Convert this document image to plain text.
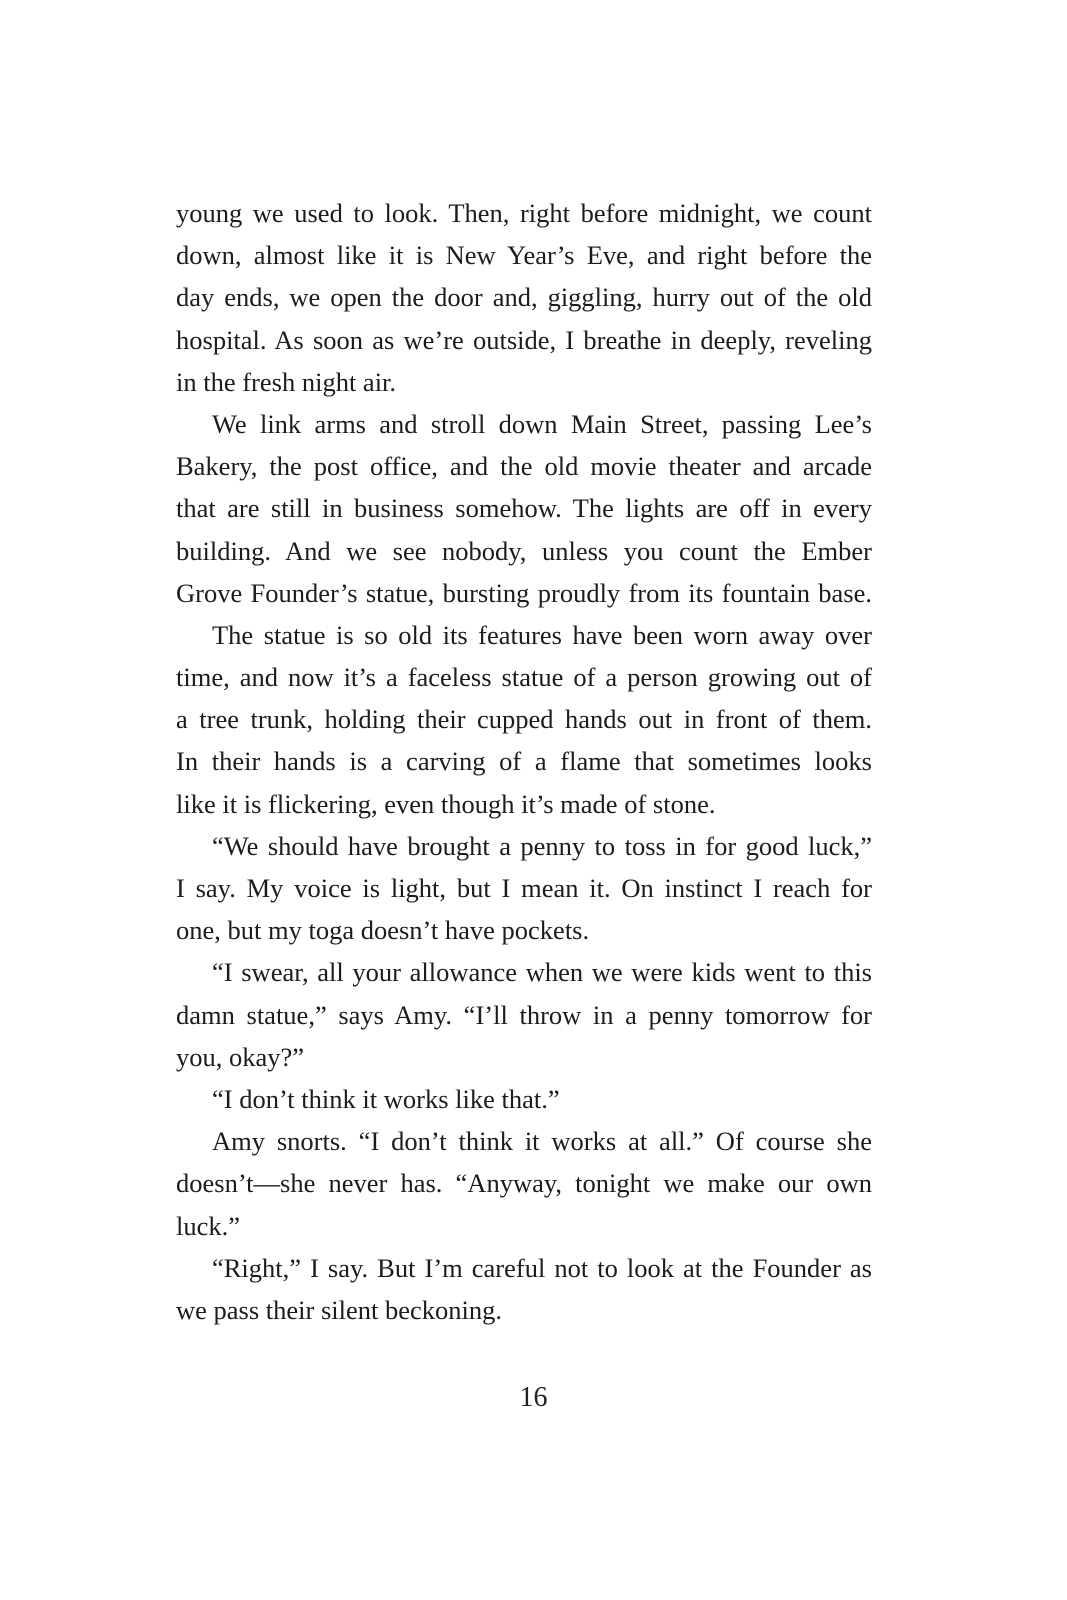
young we used to look. Then, right before midnight, we count
down, almost like it is New Year’s Eve, and right before the
day ends, we open the door and, giggling, hurry out of the old
hospital. As soon as we’re outside, I breathe in deeply, reveling
in the fresh night air.
We link arms and stroll down Main Street, passing Lee’s
Bakery, the post office, and the old movie theater and arcade
that are still in business somehow. The lights are off in every
building. And we see nobody, unless you count the Ember
Grove Founder’s statue, bursting proudly from its fountain base.
The statue is so old its features have been worn away over
time, and now it’s a faceless statue of a person growing out of
a tree trunk, holding their cupped hands out in front of them.
In their hands is a carving of a flame that sometimes looks
like it is flickering, even though it’s made of stone.
“We should have brought a penny to toss in for good luck,”
I say. My voice is light, but I mean it. On instinct I reach for
one, but my toga doesn’t have pockets.
“I swear, all your allowance when we were kids went to this
damn statue,” says Amy. “I’ll throw in a penny tomorrow for
you, okay?”
“I don’t think it works like that.”
Amy snorts. “I don’t think it works at all.” Of course she
doesn’t—she never has. “Anyway, tonight we make our own
luck.”
“Right,” I say. But I’m careful not to look at the Founder as
we pass their silent beckoning.
16
